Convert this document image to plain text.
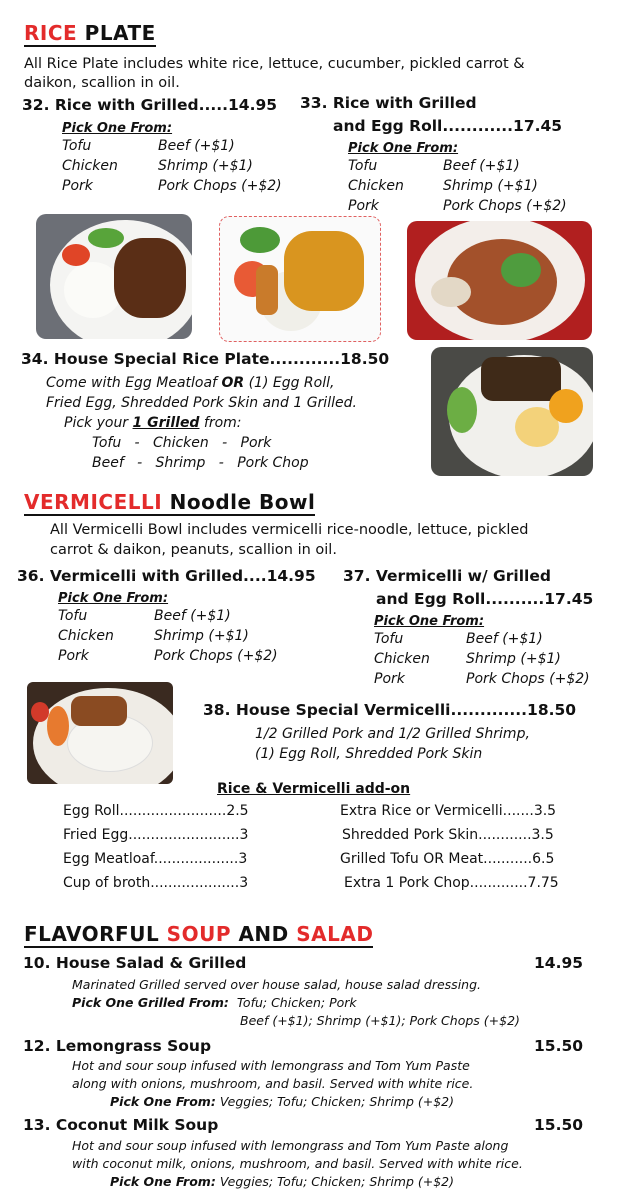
RICE PLATE
All Rice Plate includes white rice, lettuce, cucumber, pickled carrot &
daikon, scallion in oil.
32. Rice with Grilled.....14.95
Pick One From:
Tofu	Beef (+$1)
Chicken	Shrimp (+$1)
Pork	Pork Chops (+$2)
33. Rice with Grilled
and Egg Roll............17.45
Pick One From:
Tofu	Beef (+$1)
Chicken	Shrimp (+$1)
Pork	Pork Chops (+$2)
34. House Special Rice Plate............18.50
Come with Egg Meatloaf OR (1) Egg Roll,
Fried Egg, Shredded Pork Skin and 1 Grilled.
Pick your 1 Grilled from:
Tofu   -   Chicken   -   Pork
Beef   -   Shrimp   -   Pork Chop
VERMICELLI Noodle Bowl
All Vermicelli Bowl includes vermicelli rice-noodle, lettuce, pickled
carrot & daikon, peanuts, scallion in oil.
36. Vermicelli with Grilled....14.95
Pick One From:
Tofu	Beef (+$1)
Chicken	Shrimp (+$1)
Pork	Pork Chops (+$2)
37. Vermicelli w/ Grilled
and Egg Roll..........17.45
Pick One From:
Tofu	Beef (+$1)
Chicken	Shrimp (+$1)
Pork	Pork Chops (+$2)
38. House Special Vermicelli.............18.50
1/2 Grilled Pork and 1/2 Grilled Shrimp,
(1) Egg Roll, Shredded Pork Skin
Rice & Vermicelli add-on
Egg Roll........................2.5
Fried Egg.........................3
Egg Meatloaf...................3
Cup of broth....................3
Extra Rice or Vermicelli.......3.5
Shredded Pork Skin............3.5
Grilled Tofu OR Meat...........6.5
Extra 1 Pork Chop.............7.75
FLAVORFUL SOUP AND SALAD
10. House Salad & Grilled	14.95
Marinated Grilled served over house salad, house salad dressing.
Pick One Grilled From: Tofu; Chicken; Pork
Beef (+$1); Shrimp (+$1); Pork Chops (+$2)
12. Lemongrass Soup	15.50
Hot and sour soup infused with lemongrass and Tom Yum Paste
along with onions, mushroom, and basil. Served with white rice.
Pick One From: Veggies; Tofu; Chicken; Shrimp (+$2)
13. Coconut Milk Soup	15.50
Hot and sour soup infused with lemongrass and Tom Yum Paste along
with coconut milk, onions, mushroom, and basil. Served with white rice.
Pick One From: Veggies; Tofu; Chicken; Shrimp (+$2)
